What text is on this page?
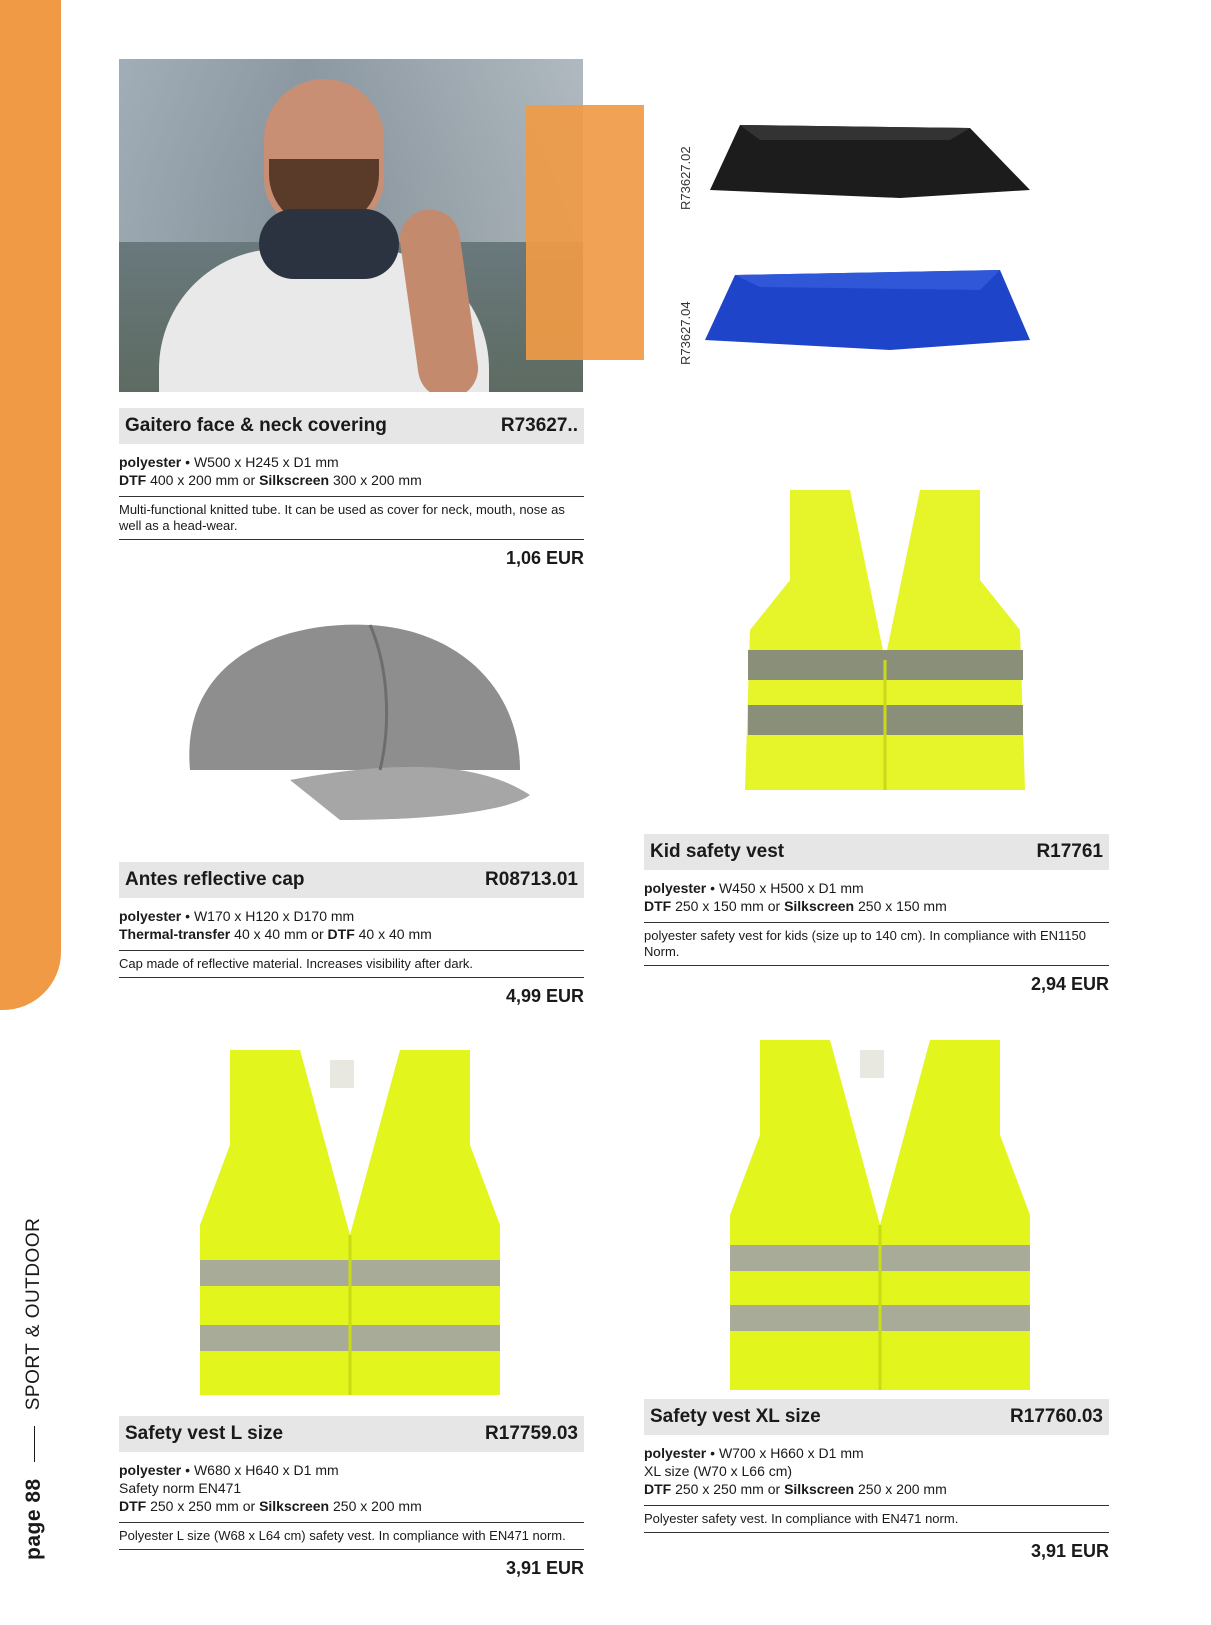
page 88
SPORT & OUTDOOR
R73627.02
R73627.04
Gaitero face & neck covering	R73627..
polyester • W500 x H245 x D1 mm
DTF 400 x 200 mm or Silkscreen 300 x 200 mm
Multi-functional knitted tube. It can be used as cover for neck, mouth, nose as well as a head-wear.
1,06 EUR
Antes reflective cap	R08713.01
polyester • W170 x H120 x D170 mm
Thermal-transfer 40 x 40 mm or DTF 40 x 40 mm
Cap made of reflective material. Increases visibility after dark.
4,99 EUR
Kid safety vest	R17761
polyester • W450 x H500 x D1 mm
DTF 250 x 150 mm or Silkscreen 250 x 150 mm
polyester safety vest for kids (size up to 140 cm). In compliance with EN1150 Norm.
2,94 EUR
Safety vest L size	R17759.03
polyester • W680 x H640 x D1 mm
Safety norm EN471
DTF 250 x 250 mm or Silkscreen 250 x 200 mm
Polyester L size (W68 x L64 cm) safety vest. In compliance with EN471 norm.
3,91 EUR
Safety vest XL size	R17760.03
polyester • W700 x H660 x D1 mm
XL size (W70 x L66 cm)
DTF 250 x 250 mm or Silkscreen 250 x 200 mm
Polyester safety vest. In compliance with EN471 norm.
3,91 EUR
